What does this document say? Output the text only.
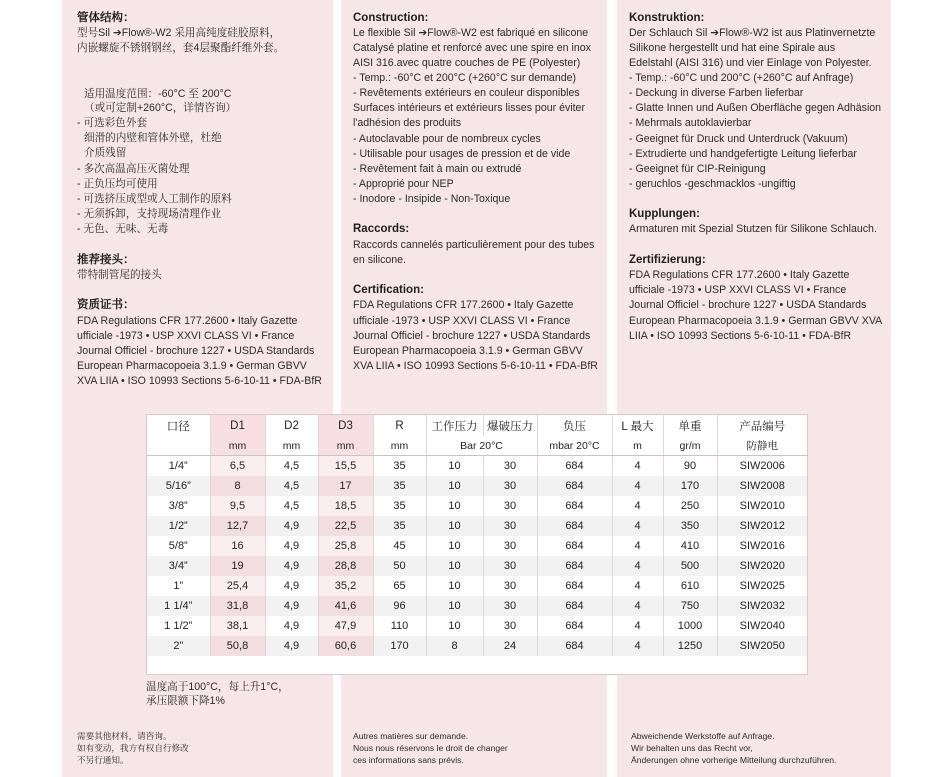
管体结构：
型号Sil ➔Flow®-W2 采用高纯度硅胶原料，
内嵌螺旋不锈钢钢丝，套4层聚酯纤维外套。
适用温度范围：-60°C 至 200°C
（或可定制+260°C，详情咨询）
- 可选彩色外套
细滑的内壁和管体外壁，杜绝
介质残留
- 多次高温高压灭菌处理
- 正负压均可使用
- 可选挤压成型或人工制作的原料
- 无须拆卸，支持现场清理作业
- 无色、无味、无毒
推荐接头：
带特制管尾的接头
资质证书：
FDA Regulations CFR 177.2600 • Italy Gazette
ufficiale -1973 • USP XXVI CLASS VI • France
Journal Officiel - brochure 1227 • USDA Standards
European Pharmacopoeia 3.1.9 • German GBVV
XVA LIIA • ISO 10993 Sections 5-6-10-11 • FDA-BfR
温度高于100°C，每上升1°C，
承压限额下降1%
需要其他材料，请咨询。
如有变动，我方有权自行修改
不另行通知。
Construction:
Le flexible Sil ➔Flow®-W2 est fabriqué en silicone
Catalysé platine et renforcé avec une spire en inox
AISI 316.avec quatre couches de PE (Polyester)
- Temp.: -60°C et 200°C (+260°C sur demande)
- Revêtements extérieurs en couleur disponibles
Surfaces intérieurs et extérieurs lisses pour éviter
l'adhésion des produits
- Autoclavable pour de nombreux cycles
- Utilisable pour usages de pression et de vide
- Revêtement fait à main ou extrudé
- Approprié pour NEP
- Inodore - Insipide - Non-Toxique
Raccords:
Raccords cannelés particulièrement pour des tubes
en silicone.
Certification:
FDA Regulations CFR 177.2600 • Italy Gazette
ufficiale -1973 • USP XXVI CLASS VI • France
Journal Officiel - brochure 1227 • USDA Standards
European Pharmacopoeia 3.1.9 • German GBVV
XVA LIIA • ISO 10993 Sections 5-6-10-11 • FDA-BfR
Autres matières sur demande.
Nous nous réservons le droit de changer
ces informations sans prévis.
Konstruktion:
Der Schlauch Sil ➔Flow®-W2 ist aus Platinvernetzte
Silikone hergestellt und hat eine Spirale aus
Edelstahl (AISI 316) und vier Einlage von Polyester.
- Temp.: -60°C und 200°C (+260°C auf Anfrage)
- Deckung in diverse Farben lieferbar
- Glatte Innen und Außen Oberfläche gegen Adhäsion
- Mehrmals autoklavierbar
- Geeignet für Druck und Unterdruck (Vakuum)
- Extrudierte und handgefertigte Leitung lieferbar
- Geeignet für CIP-Reinigung
- geruchlos -geschmacklos -ungiftig
Kupplungen:
Armaturen mit Spezial Stutzen für Silikone Schlauch.
Zertifizierung:
FDA Regulations CFR 177.2600 • Italy Gazette
ufficiale -1973 • USP XXVI CLASS VI • France
Journal Officiel - brochure 1227 • USDA Standards
European Pharmacopoeia 3.1.9 • German GBVV XVA
LIIA • ISO 10993 Sections 5-6-10-11 • FDA-BfR
Abweichende Werkstoffe auf Anfrage.
Wir behalten uns das Recht vor,
Änderungen ohne vorherige Mitteilung durchzuführen.
口径	D1	D2	D3	R	工作压力	爆破压力	负压	L 最大	单重	产品编号
	mm	mm	mm	mm	Bar 20°C		mbar 20°C	m	gr/m	防静电
1/4”	6,5	4,5	15,5	35	10	30	684	4	90	SIW2006
5/16”	8	4,5	17	35	10	30	684	4	170	SIW2008
3/8”	9,5	4,5	18,5	35	10	30	684	4	250	SIW2010
1/2”	12,7	4,9	22,5	35	10	30	684	4	350	SIW2012
5/8”	16	4,9	25,8	45	10	30	684	4	410	SIW2016
3/4”	19	4,9	28,8	50	10	30	684	4	500	SIW2020
1”	25,4	4,9	35,2	65	10	30	684	4	610	SIW2025
1 1/4”	31,8	4,9	41,6	96	10	30	684	4	750	SIW2032
1 1/2”	38,1	4,9	47,9	110	10	30	684	4	1000	SIW2040
2”	50,8	4,9	60,6	170	8	24	684	4	1250	SIW2050
